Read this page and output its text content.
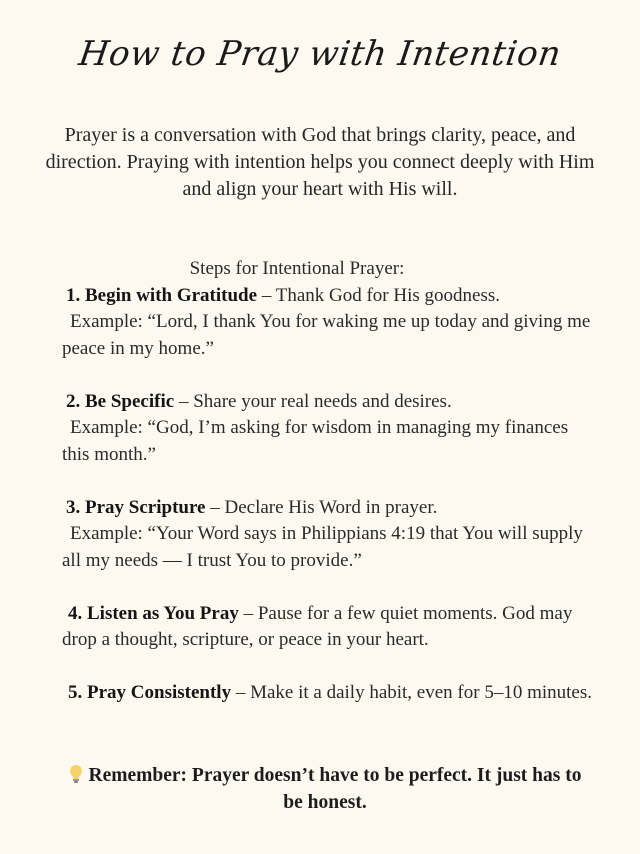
How to Pray with Intention
Prayer is a conversation with God that brings clarity, peace, and direction. Praying with intention helps you connect deeply with Him and align your heart with His will.
Steps for Intentional Prayer:
1. Begin with Gratitude – Thank God for His goodness.
Example: “Lord, I thank You for waking me up today and giving me peace in my home.”
2. Be Specific – Share your real needs and desires.
Example: “God, I’m asking for wisdom in managing my finances this month.”
3. Pray Scripture – Declare His Word in prayer.
Example: “Your Word says in Philippians 4:19 that You will supply all my needs — I trust You to provide.”
4. Listen as You Pray – Pause for a few quiet moments. God may drop a thought, scripture, or peace in your heart.
5. Pray Consistently – Make it a daily habit, even for 5–10 minutes.
Remember: Prayer doesn’t have to be perfect. It just has to be honest.
